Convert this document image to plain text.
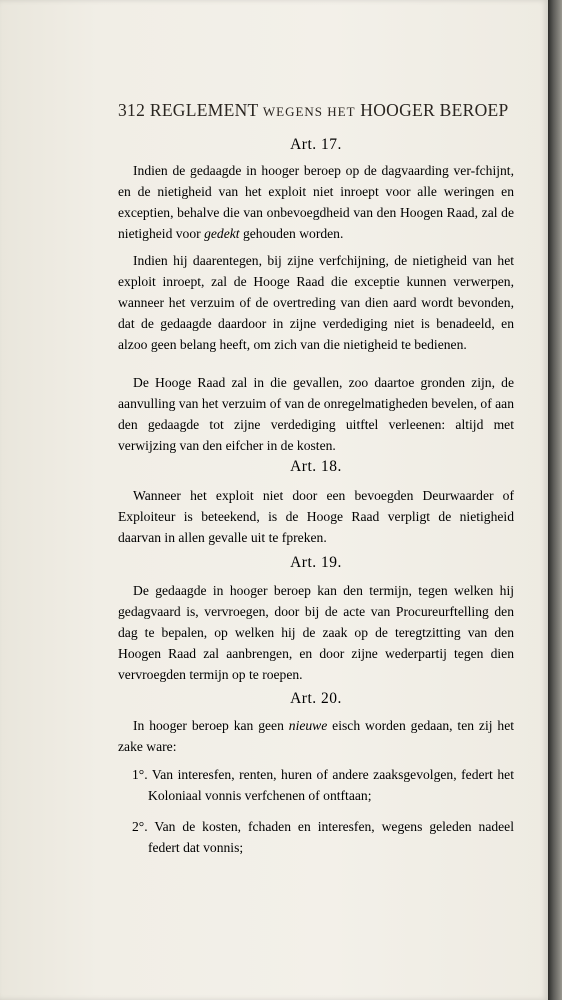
312 REGLEMENT WEGENS HET HOOGER BEROEP
Art. 17.
Indien de gedaagde in hooger beroep op de dagvaarding ver-fchijnt, en de nietigheid van het exploit niet inroept voor alle weringen en exceptien, behalve die van onbevoegdheid van den Hoogen Raad, zal de nietigheid voor gedekt gehouden worden.
Indien hij daarentegen, bij zijne verfchijning, de nietigheid van het exploit inroept, zal de Hooge Raad die exceptie kunnen verwerpen, wanneer het verzuim of de overtreding van dien aard wordt bevonden, dat de gedaagde daardoor in zijne verdediging niet is benadeeld, en alzoo geen belang heeft, om zich van die nietigheid te bedienen.
De Hooge Raad zal in die gevallen, zoo daartoe gronden zijn, de aanvulling van het verzuim of van de onregelmatigheden bevelen, of aan den gedaagde tot zijne verdediging uitftel verleenen: altijd met verwijzing van den eifcher in de kosten.
Art. 18.
Wanneer het exploit niet door een bevoegden Deurwaarder of Exploiteur is beteekend, is de Hooge Raad verpligt de nietigheid daarvan in allen gevalle uit te fpreken.
Art. 19.
De gedaagde in hooger beroep kan den termijn, tegen welken hij gedagvaard is, vervroegen, door bij de acte van Procureurftelling den dag te bepalen, op welken hij de zaak op de teregtzitting van den Hoogen Raad zal aanbrengen, en door zijne wederpartij tegen dien vervroegden termijn op te roepen.
Art. 20.
In hooger beroep kan geen nieuwe eisch worden gedaan, ten zij het zake ware:
1°. Van interesfen, renten, huren of andere zaaksgevolgen, federt het Koloniaal vonnis verfchenen of ontftaan;
2°. Van de kosten, fchaden en interesfen, wegens geleden nadeel federt dat vonnis;
